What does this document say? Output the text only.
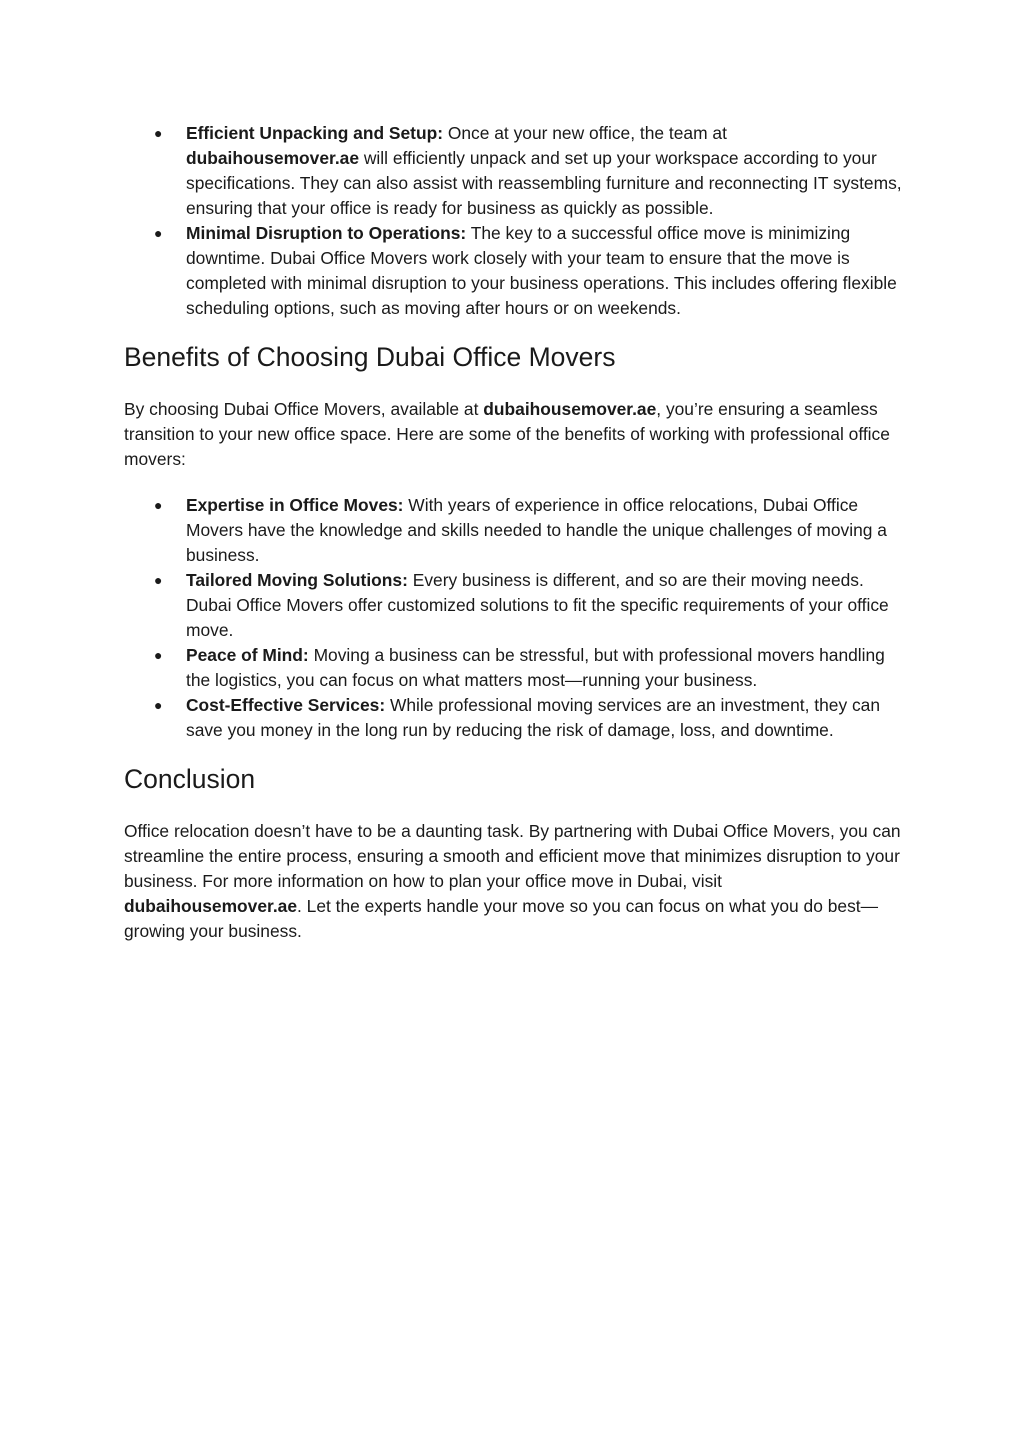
● Efficient Unpacking and Setup: Once at your new office, the team at dubaihousemover.ae will efficiently unpack and set up your workspace according to your specifications. They can also assist with reassembling furniture and reconnecting IT systems, ensuring that your office is ready for business as quickly as possible.
● Minimal Disruption to Operations: The key to a successful office move is minimizing downtime. Dubai Office Movers work closely with your team to ensure that the move is completed with minimal disruption to your business operations. This includes offering flexible scheduling options, such as moving after hours or on weekends.
Benefits of Choosing Dubai Office Movers

By choosing Dubai Office Movers, available at dubaihousemover.ae, you’re ensuring a seamless transition to your new office space. Here are some of the benefits of working with professional office movers:

● Expertise in Office Moves: With years of experience in office relocations, Dubai Office Movers have the knowledge and skills needed to handle the unique challenges of moving a business.
● Tailored Moving Solutions: Every business is different, and so are their moving needs. Dubai Office Movers offer customized solutions to fit the specific requirements of your office move.
● Peace of Mind: Moving a business can be stressful, but with professional movers handling the logistics, you can focus on what matters most—running your business.
● Cost-Effective Services: While professional moving services are an investment, they can save you money in the long run by reducing the risk of damage, loss, and downtime.
Conclusion

Office relocation doesn’t have to be a daunting task. By partnering with Dubai Office Movers, you can streamline the entire process, ensuring a smooth and efficient move that minimizes disruption to your business. For more information on how to plan your office move in Dubai, visit dubaihousemover.ae. Let the experts handle your move so you can focus on what you do best—growing your business.
